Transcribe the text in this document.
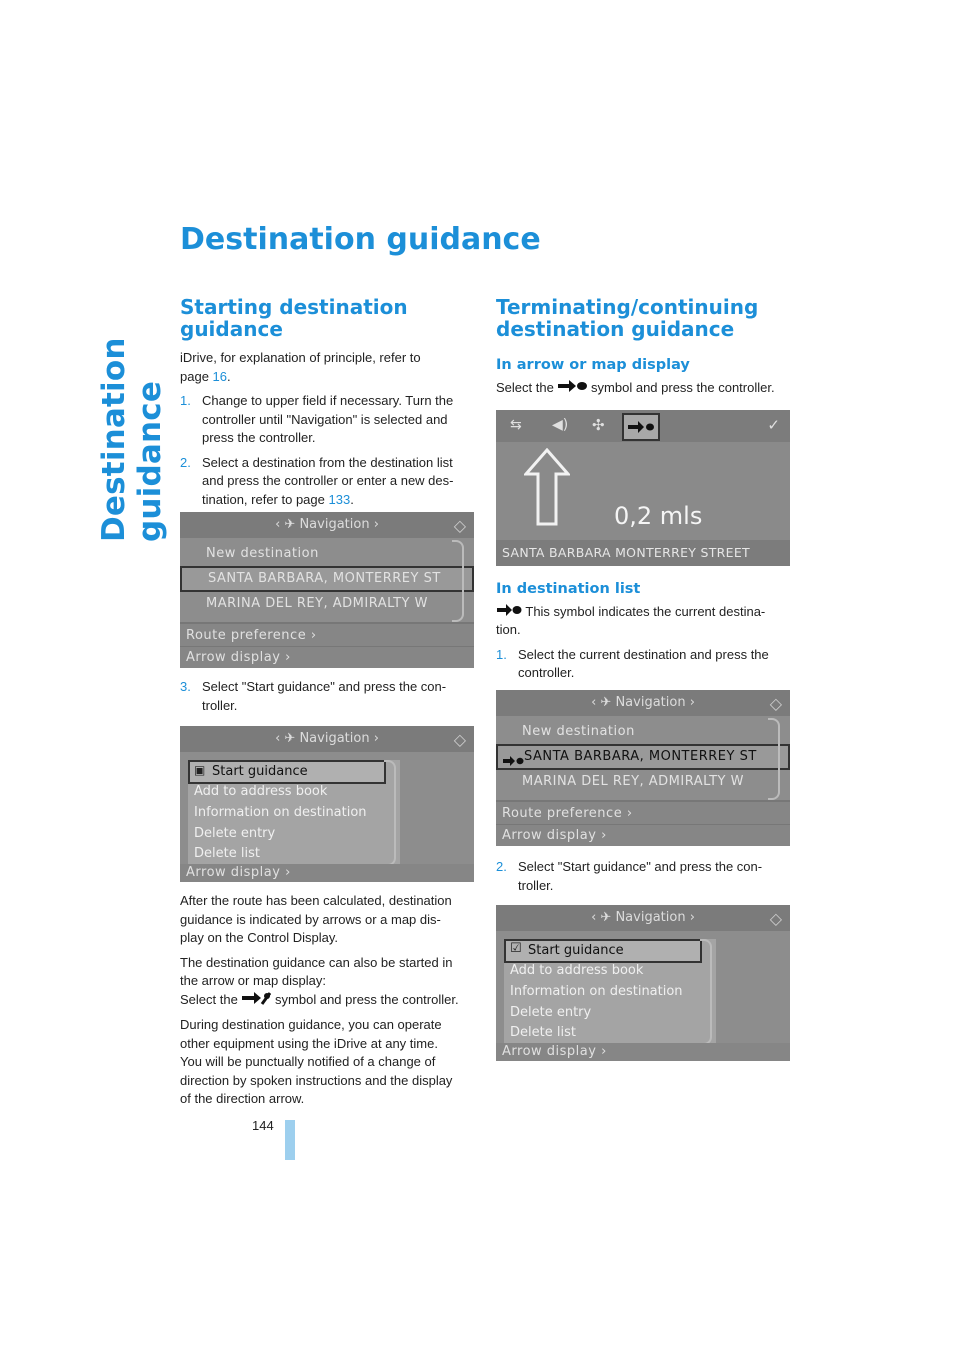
Destination guidance
144
Destination guidance
Starting destination
guidance

iDrive, for explanation of principle, refer to
page 16.

1. Change to upper field if necessary. Turn the
controller until "Navigation" is selected and
press the controller.
2. Select a destination from the destination list
and press the controller or enter a new des-
tination, refer to page 133.
‹ ✈ Navigation ›	◇
New destination
SANTA BARBARA, MONTERREY ST
MARINA DEL REY, ADMIRALTY W
Route preference ›
Arrow display ›
3. Select "Start guidance" and press the con-
troller.
‹ ✈ Navigation ›	◇
▣ Start guidance
Add to address book
Information on destination
Delete entry
Delete list
Arrow display ›

After the route has been calculated, destination
guidance is indicated by arrows or a map dis-
play on the Control Display.

The destination guidance can also be started in
the arrow or map display:
Select the  symbol and press the controller.

During destination guidance, you can operate
other equipment using the iDrive at any time.
You will be punctually notified of a change of
direction by spoken instructions and the display
of the direction arrow.

Terminating/continuing
destination guidance
In arrow or map display

Select the  symbol and press the controller.

⇆ ◀) ✣	✓
0,2 mls
SANTA BARBARA MONTERREY STREET
In destination list

This symbol indicates the current destina-
tion.

1. Select the current destination and press the
controller.
‹ ✈ Navigation ›	◇
New destination
SANTA BARBARA, MONTERREY ST
MARINA DEL REY, ADMIRALTY W
Route preference ›
Arrow display ›
2. Select "Start guidance" and press the con-
troller.
‹ ✈ Navigation ›	◇
☑ Start guidance
Add to address book
Information on destination
Delete entry
Delete list
Arrow display ›
